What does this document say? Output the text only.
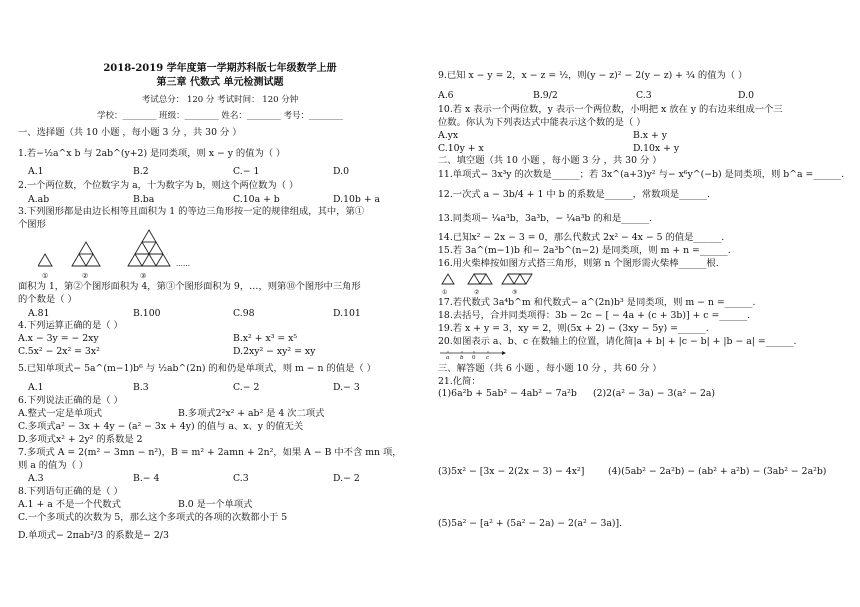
2018-2019 学年度第一学期苏科版七年级数学上册
第三章 代数式 单元检测试题
考试总分： 120 分 考试时间： 120 分钟
学校：________ 班级：________ 姓名：________ 考号：________
一、选择题（共 10 小题 ，每小题 3 分 ，共 30 分 ）
1.若−½a^x b 与 2ab^(y+2) 是同类项，则 x − y 的值为（ ）
A.1	B.2	C.− 1	D.0
2.一个两位数，个位数字为 a，十为数字为 b，则这个两位数为（ ）
A.ab	B.ba	C.10a + b	D.10b + a
3.下列图形都是由边长相等且面积为 1 的等边三角形按一定的规律组成，其中，第①
个图形
①	②	③
……
面积为 1，第②个图形面积为 4，第③个图形面积为 9，…，则第⑩个图形中三角形
的个数是（ ）
A.81	B.100	C.98	D.101
4.下列运算正确的是（ ）
A.x − 3y = − 2xy	B.x² + x³ = x⁵
C.5x² − 2x² = 3x²	D.2xy² − xy² = xy
5.已知单项式− 5a^(m−1)b⁶ 与 ½ab^(2n) 的和仍是单项式，则 m − n 的值是（ ）
A.1	B.3	C.− 2	D.− 3
6.下列说法正确的是（ ）
A.整式一定是单项式	B.多项式2²x² + ab² 是 4 次二项式
C.多项式a² − 3x + 4y − (a² − 3x + 4y) 的值与 a、x、y 的值无关
D.多项式x² + 2y² 的系数是 2
7.多项式 A = 2(m² − 3mn − n²)，B = m² + 2amn + 2n²，如果 A − B 中不含 mn 项，
则 a 的值为（ ）
A.3	B.− 4	C.3	D.− 2
8.下列语句正确的是（ ）
A.1 + a 不是一个代数式	B.0 是一个单项式
C.一个多项式的次数为 5，那么这个多项式的各项的次数都小于 5
D.单项式− 2πab²/3 的系数是− 2/3
9.已知 x − y = 2，x − z = ½，则(y − z)² − 2(y − z) + ¾ 的值为（ ）
A.6	B.9/2	C.3	D.0
10.若 x 表示一个两位数，y 表示一个两位数，小明把 x 放在 y 的右边来组成一个三
位数。你认为下列表达式中能表示这个数的是（ ）
A.yx	B.x + y
C.10y + x	D.10x + y
二、填空题（共 10 小题 ，每小题 3 分 ，共 30 分 ）
11.单项式− 3x³y 的次数是______；若 3x^(a+3)y² 与− x⁶y^(−b) 是同类项，则 b^a =______.
12.一次式 a − 3b/4 + 1 中 b 的系数是______，常数项是______.
13.同类项− ¼a³b，3a³b，− ¼a³b 的和是______.
14.已知x² − 2x − 3 = 0，那么代数式 2x² − 4x − 5 的值是______.
15.若 3a^(m−1)b 和− 2a³b^(n−2) 是同类项，则 m + n =______.
16.用火柴棒按如图方式搭三角形，则第 n 个图形需火柴棒______根.
①	②	③
17.若代数式 3a⁴b^m 和代数式− a^(2n)b³ 是同类项，则 m − n =______.
18.去括号，合并同类项得：3b − 2c − [ − 4a + (c + 3b)] + c =______.
19.若 x + y = 3，xy = 2，则(5x + 2) − (3xy − 5y) =______.
20.如图表示 a、b、c 在数轴上的位置，请化简|a + b| + |c − b| + |b − a| =______.
a b 0 c
三、解答题（共 6 小题 ，每小题 10 分 ，共 60 分 ）
21.化简：
(1)6a²b + 5ab² − 4ab² − 7a²b (2)2(a² − 3a) − 3(a² − 2a)
(3)5x² − [3x − 2(2x − 3) − 4x²]	(4)(5ab² − 2a²b) − (ab² + a²b) − (3ab² − 2a²b)
(5)5a² − [a² + (5a² − 2a) − 2(a² − 3a)].
